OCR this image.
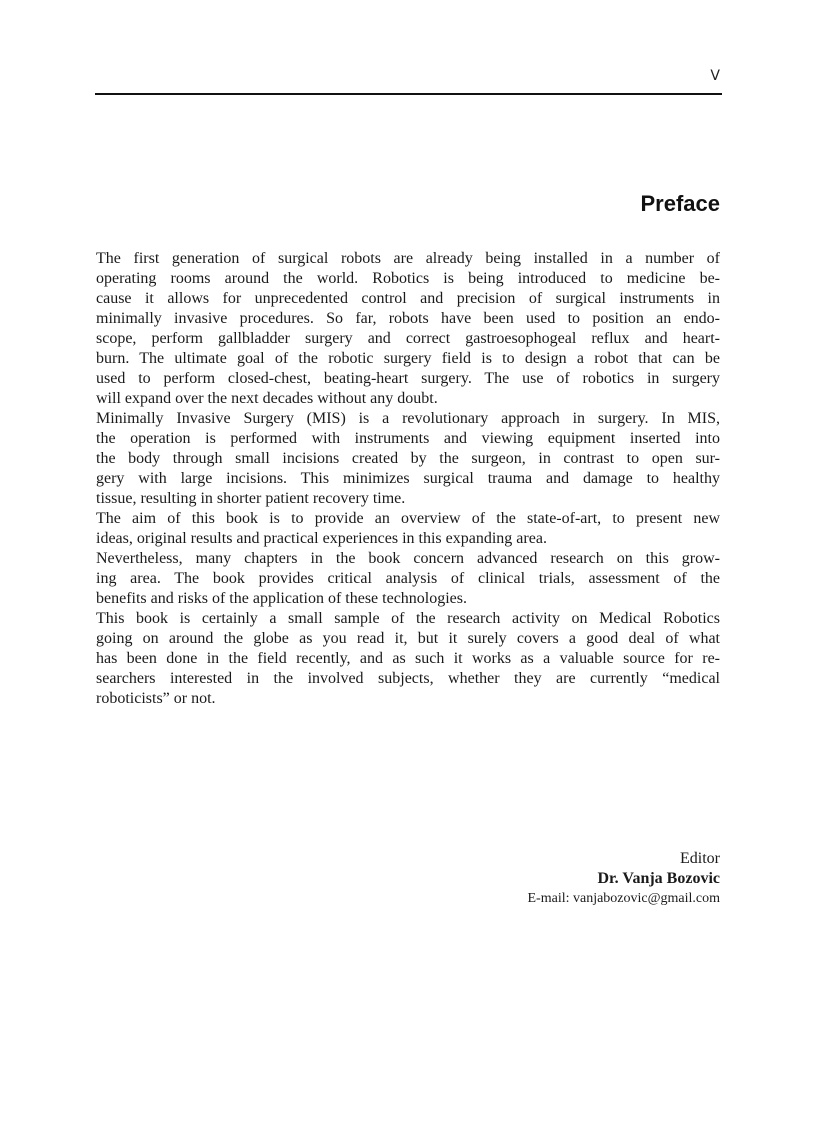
V
Preface

The first generation of surgical robots are already being installed in a number of
operating rooms around the world. Robotics is being introduced to medicine be-
cause it allows for unprecedented control and precision of surgical instruments in
minimally invasive procedures. So far, robots have been used to position an endo-
scope, perform gallbladder surgery and correct gastroesophogeal reflux and heart-
burn. The ultimate goal of the robotic surgery field is to design a robot that can be
used to perform closed-chest, beating-heart surgery. The use of robotics in surgery
will expand over the next decades without any doubt.

Minimally Invasive Surgery (MIS) is a revolutionary approach in surgery. In MIS,
the operation is performed with instruments and viewing equipment inserted into
the body through small incisions created by the surgeon, in contrast to open sur-
gery with large incisions. This minimizes surgical trauma and damage to healthy
tissue, resulting in shorter patient recovery time.

The aim of this book is to provide an overview of the state-of-art, to present new
ideas, original results and practical experiences in this expanding area.

Nevertheless, many chapters in the book concern advanced research on this grow-
ing area. The book provides critical analysis of clinical trials, assessment of the
benefits and risks of the application of these technologies.

This book is certainly a small sample of the research activity on Medical Robotics
going on around the globe as you read it, but it surely covers a good deal of what
has been done in the field recently, and as such it works as a valuable source for re-
searchers interested in the involved subjects, whether they are currently “medical
roboticists” or not.

Editor
Dr. Vanja Bozovic
E-mail: vanjabozovic@gmail.com
